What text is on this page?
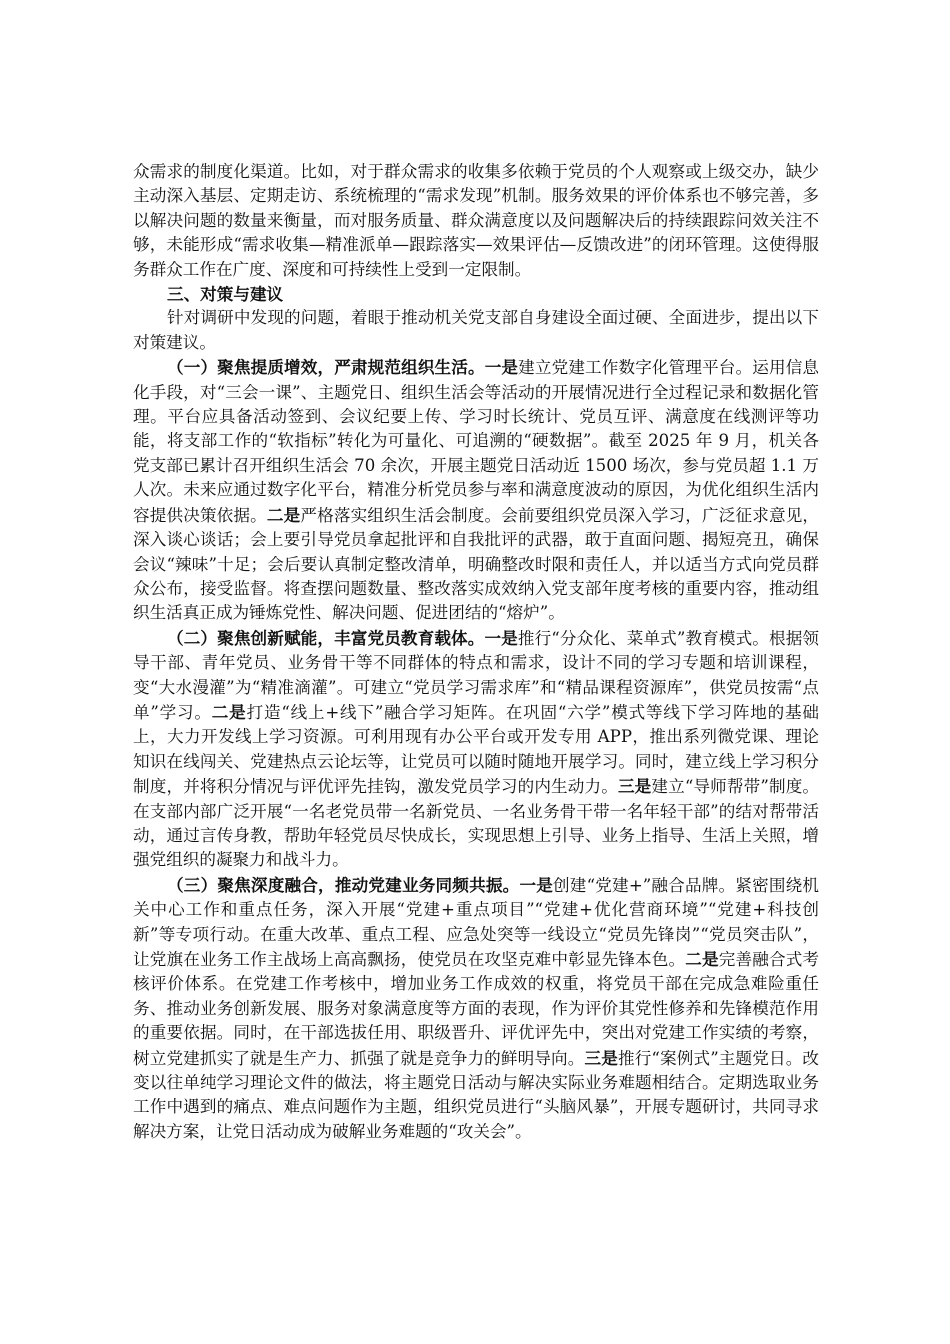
众需求的制度化渠道。比如，对于群众需求的收集多依赖于党员的个人观察或上级交办，缺少主动深入基层、定期走访、系统梳理的“需求发现”机制。服务效果的评价体系也不够完善，多以解决问题的数量来衡量，而对服务质量、群众满意度以及问题解决后的持续跟踪问效关注不够，未能形成“需求收集—精准派单—跟踪落实—效果评估—反馈改进”的闭环管理。这使得服务群众工作在广度、深度和可持续性上受到一定限制。

三、对策与建议

针对调研中发现的问题，着眼于推动机关党支部自身建设全面过硬、全面进步，提出以下对策建议。

（一）聚焦提质增效，严肃规范组织生活。一是建立党建工作数字化管理平台。运用信息化手段，对“三会一课”、主题党日、组织生活会等活动的开展情况进行全过程记录和数据化管理。平台应具备活动签到、会议纪要上传、学习时长统计、党员互评、满意度在线测评等功能，将支部工作的“软指标”转化为可量化、可追溯的“硬数据”。截至 2025 年 9 月，机关各党支部已累计召开组织生活会 70 余次，开展主题党日活动近 1500 场次，参与党员超 1.1 万人次。未来应通过数字化平台，精准分析党员参与率和满意度波动的原因，为优化组织生活内容提供决策依据。二是严格落实组织生活会制度。会前要组织党员深入学习，广泛征求意见，深入谈心谈话；会上要引导党员拿起批评和自我批评的武器，敢于直面问题、揭短亮丑，确保会议“辣味”十足；会后要认真制定整改清单，明确整改时限和责任人，并以适当方式向党员群众公布，接受监督。将查摆问题数量、整改落实成效纳入党支部年度考核的重要内容，推动组织生活真正成为锤炼党性、解决问题、促进团结的“熔炉”。

（二）聚焦创新赋能，丰富党员教育载体。一是推行“分众化、菜单式”教育模式。根据领导干部、青年党员、业务骨干等不同群体的特点和需求，设计不同的学习专题和培训课程，变“大水漫灌”为“精准滴灌”。可建立“党员学习需求库”和“精品课程资源库”，供党员按需“点单”学习。二是打造“线上+线下”融合学习矩阵。在巩固“六学”模式等线下学习阵地的基础上，大力开发线上学习资源。可利用现有办公平台或开发专用 APP，推出系列微党课、理论知识在线闯关、党建热点云论坛等，让党员可以随时随地开展学习。同时，建立线上学习积分制度，并将积分情况与评优评先挂钩，激发党员学习的内生动力。三是建立“导师帮带”制度。在支部内部广泛开展“一名老党员带一名新党员、一名业务骨干带一名年轻干部”的结对帮带活动，通过言传身教，帮助年轻党员尽快成长，实现思想上引导、业务上指导、生活上关照，增强党组织的凝聚力和战斗力。

（三）聚焦深度融合，推动党建业务同频共振。一是创建“党建+”融合品牌。紧密围绕机关中心工作和重点任务，深入开展“党建+重点项目”“党建+优化营商环境”“党建+科技创新”等专项行动。在重大改革、重点工程、应急处突等一线设立“党员先锋岗”“党员突击队”，让党旗在业务工作主战场上高高飘扬，使党员在攻坚克难中彰显先锋本色。二是完善融合式考核评价体系。在党建工作考核中，增加业务工作成效的权重，将党员干部在完成急难险重任务、推动业务创新发展、服务对象满意度等方面的表现，作为评价其党性修养和先锋模范作用的重要依据。同时，在干部选拔任用、职级晋升、评优评先中，突出对党建工作实绩的考察，树立党建抓实了就是生产力、抓强了就是竞争力的鲜明导向。三是推行“案例式”主题党日。改变以往单纯学习理论文件的做法，将主题党日活动与解决实际业务难题相结合。定期选取业务工作中遇到的痛点、难点问题作为主题，组织党员进行“头脑风暴”，开展专题研讨，共同寻求解决方案，让党日活动成为破解业务难题的“攻关会”。
